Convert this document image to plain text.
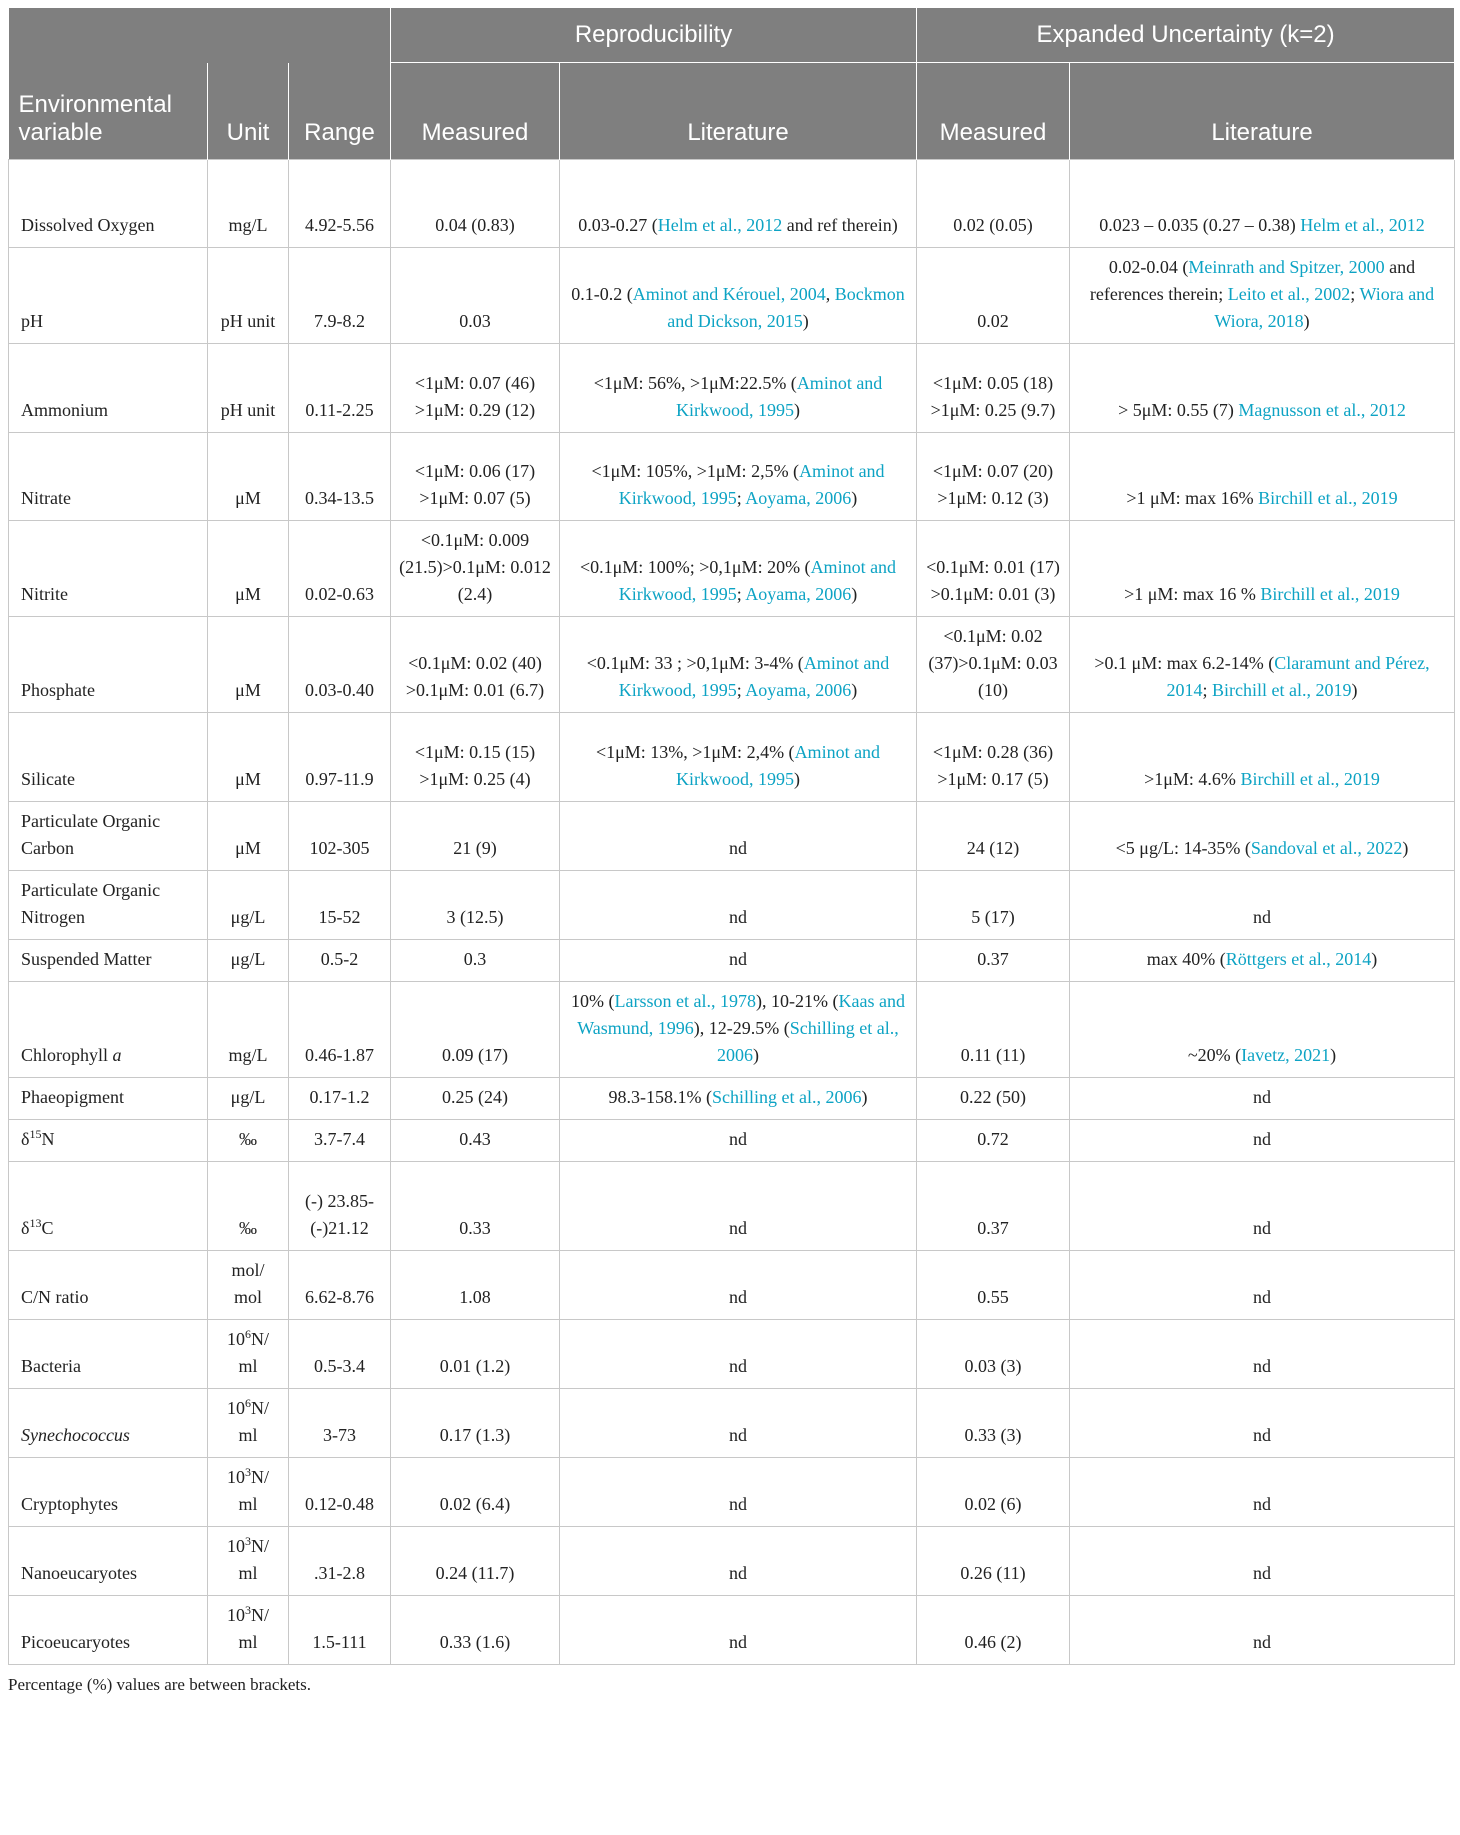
			Reproducibility		Expanded Uncertainty (k=2)	
Environmental variable	Unit	Range	Measured	Literature	Measured	Literature
Dissolved Oxygen	mg/L	4.92-5.56	0.04 (0.83)	0.03-0.27 (Helm et al., 2012 and ref therein)	0.02 (0.05)	0.023 – 0.035 (0.27 – 0.38) Helm et al., 2012
pH	pH unit	7.9-8.2	0.03	0.1-0.2 (Aminot and Kérouel, 2004, Bockmon and Dickson, 2015)	0.02	0.02-0.04 (Meinrath and Spitzer, 2000 and references therein; Leito et al., 2002; Wiora and Wiora, 2018)
Ammonium	pH unit	0.11-2.25	<1μM: 0.07 (46) >1μM: 0.29 (12)	<1μM: 56%, >1μM:22.5% (Aminot and Kirkwood, 1995)	<1μM: 0.05 (18) >1μM: 0.25 (9.7)	> 5μM: 0.55 (7) Magnusson et al., 2012
Nitrate	μM	0.34-13.5	<1μM: 0.06 (17) >1μM: 0.07 (5)	<1μM: 105%, >1μM: 2,5% (Aminot and Kirkwood, 1995; Aoyama, 2006)	<1μM: 0.07 (20) >1μM: 0.12 (3)	>1 μM: max 16% Birchill et al., 2019
Nitrite	μM	0.02-0.63	<0.1μM: 0.009 (21.5)>0.1μM: 0.012 (2.4)	<0.1μM: 100%; >0,1μM: 20% (Aminot and Kirkwood, 1995; Aoyama, 2006)	<0.1μM: 0.01 (17) >0.1μM: 0.01 (3)	>1 μM: max 16 % Birchill et al., 2019
Phosphate	μM	0.03-0.40	<0.1μM: 0.02 (40) >0.1μM: 0.01 (6.7)	<0.1μM: 33 ; >0,1μM: 3-4% (Aminot and Kirkwood, 1995; Aoyama, 2006)	<0.1μM: 0.02 (37)>0.1μM: 0.03 (10)	>0.1 μM: max 6.2-14% (Claramunt and Pérez, 2014; Birchill et al., 2019)
Silicate	μM	0.97-11.9	<1μM: 0.15 (15) >1μM: 0.25 (4)	<1μM: 13%, >1μM: 2,4% (Aminot and Kirkwood, 1995)	<1μM: 0.28 (36) >1μM: 0.17 (5)	>1μM: 4.6% Birchill et al., 2019
Particulate Organic Carbon	μM	102-305	21 (9)	nd	24 (12)	<5 μg/L: 14-35% (Sandoval et al., 2022)
Particulate Organic Nitrogen	μg/L	15-52	3 (12.5)	nd	5 (17)	nd
Suspended Matter	μg/L	0.5-2	0.3	nd	0.37	max 40% (Röttgers et al., 2014)
Chlorophyll a	mg/L	0.46-1.87	0.09 (17)	10% (Larsson et al., 1978), 10-21% (Kaas and Wasmund, 1996), 12-29.5% (Schilling et al., 2006)	0.11 (11)	~20% (Iavetz, 2021)
Phaeopigment	μg/L	0.17-1.2	0.25 (24)	98.3-158.1% (Schilling et al., 2006)	0.22 (50)	nd
$\delta^{15}N$	‰	3.7-7.4	0.43	nd	0.72	nd
$\delta^{13}C$	‰	(-) 23.85-(-)21.12	0.33	nd	0.37	nd
C/N ratio	mol/ mol	6.62-8.76	1.08	nd	0.55	nd
Bacteria	$10^6N/$ ml	0.5-3.4	0.01 (1.2)	nd	0.03 (3)	nd
Synechococcus	$10^6N/$ ml	3-73	0.17 (1.3)	nd	0.33 (3)	nd
Cryptophytes	$10^3N/$ ml	0.12-0.48	0.02 (6.4)	nd	0.02 (6)	nd
Nanoeucaryotes	$10^3N/$ ml	.31-2.8	0.24 (11.7)	nd	0.26 (11)	nd
Picoeucaryotes	$10^3N/$ ml	1.5-111	0.33 (1.6)	nd	0.46 (2)	nd
Percentage (%) values are between brackets.
